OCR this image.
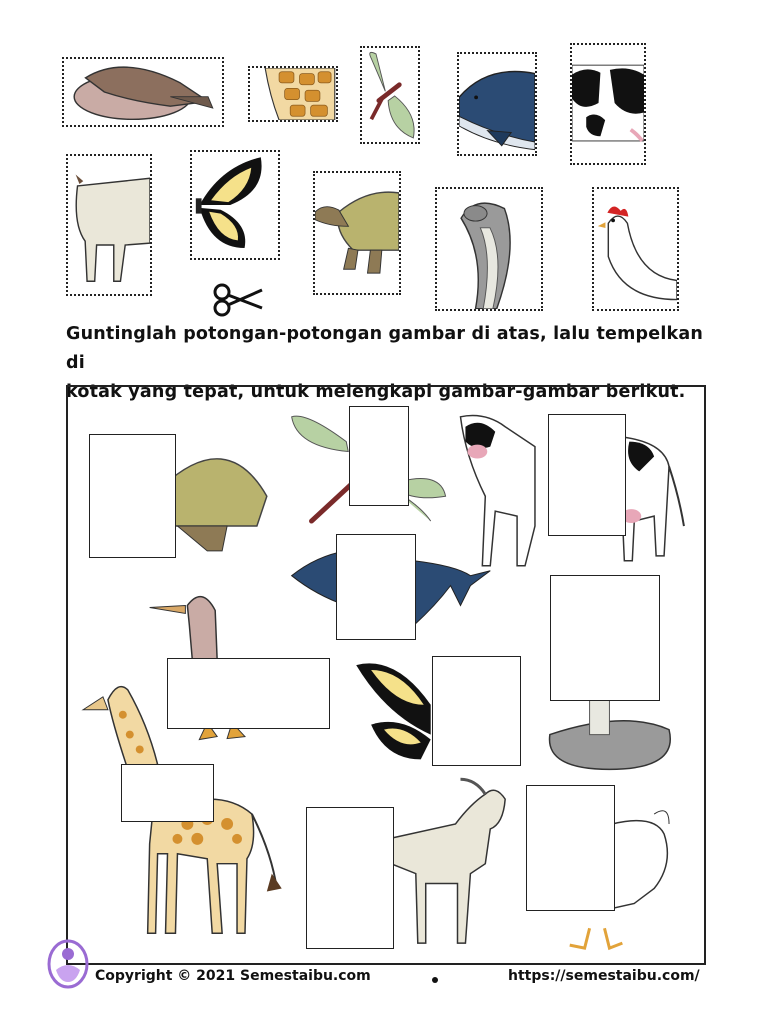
Guntinglah potongan-potongan gambar di atas, lalu tempelkan di
kotak yang tepat, untuk melengkapi gambar-gambar berikut.
Copyright © 2021 Semestaibu.com	https://semestaibu.com/
